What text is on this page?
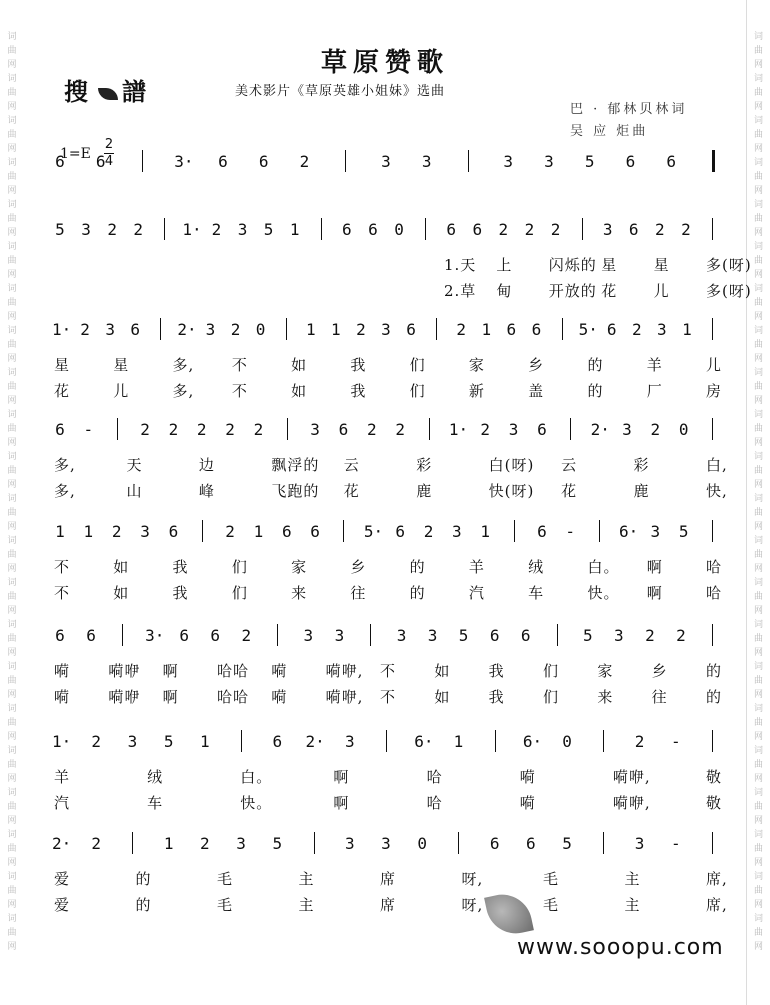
词
曲
网
词
曲
网
词
曲
网
词
曲
网
词
曲
网
词
曲
网
词
曲
网
词
曲
网
词
曲
网
词
曲
网
词
曲
网
词
曲
网
词
曲
网
词
曲
网
词
曲
网
词
曲
网
词
曲
网
词
曲
网
词
曲
网
词
曲
网
词
曲
网
词
曲
网
词
曲
网
词
曲
网
词
曲
网
词
曲
网
词
曲
网
词
曲
网
词
曲
网
词
曲
网
词
曲
网
词
曲
网
词
曲
网
词
曲
网
词
曲
网
词
曲
网
词
曲
网
词
曲
网
词
曲
网
词
曲
网
词
曲
网
词
曲
网
词
曲
网
词
曲
网
搜 譜
草原赞歌
美术影片《草原英雄小姐妹》选曲
巴 · 郁林贝林词
吴 应 炬曲
1=E
2
4
6 6	3· 6 6 2	3 3	3 3 5 6 6
5 3 2 2 1· 2 3 5 1	6 6 0	6 6 2 2 2	3 6 2 2
1.天 上 闪烁的 星 星 多(呀)
2.草 甸 开放的 花 儿 多(呀)
1· 2 3 6 2· 3 2 0	1 1 2 3 6	2 1 6 6 5· 6 2 3 1
星	星	多,	不	如	我	们	家	乡	的	羊	儿
花	儿	多,	不	如	我	们	新	盖	的	厂	房
6 -	2 2 2 2 2	3 6 2 2	1· 2 3 6	2· 3 2 0
多,	天	边	飘浮的 云	彩	白(呀) 云	彩	白,
多,	山	峰	飞跑的 花	鹿	快(呀) 花	鹿	快,
1 1 2 3 6	2 1 6 6	5· 6 2 3 1	6 -	6· 3 5
不	如	我	们	家	乡	的	羊	绒	白。 啊	哈
不	如	我	们	来	往	的	汽	车	快。 啊	哈
6 6	3· 6 6 2	3 3	3 3 5 6 6	5 3 2 2
嗬	嗬咿 啊	哈哈 嗬	嗬咿, 不	如	我	们	家	乡	的
嗬	嗬咿 啊	哈哈 嗬	嗬咿, 不	如	我	们	来	往	的
1· 2 3 5 1	6 2· 3	6· 1	6· 0	2 -
羊	绒	白。	啊	哈	嗬	嗬咿,	敬
汽	车	快。	啊	哈	嗬	嗬咿,	敬
2· 2	1 2 3 5	3 3 0	6 6 5	3 -
爱	的	毛	主	席	呀,	毛	主	席,
爱	的	毛	主	席	呀,	毛	主	席,
www.sooopu.com
